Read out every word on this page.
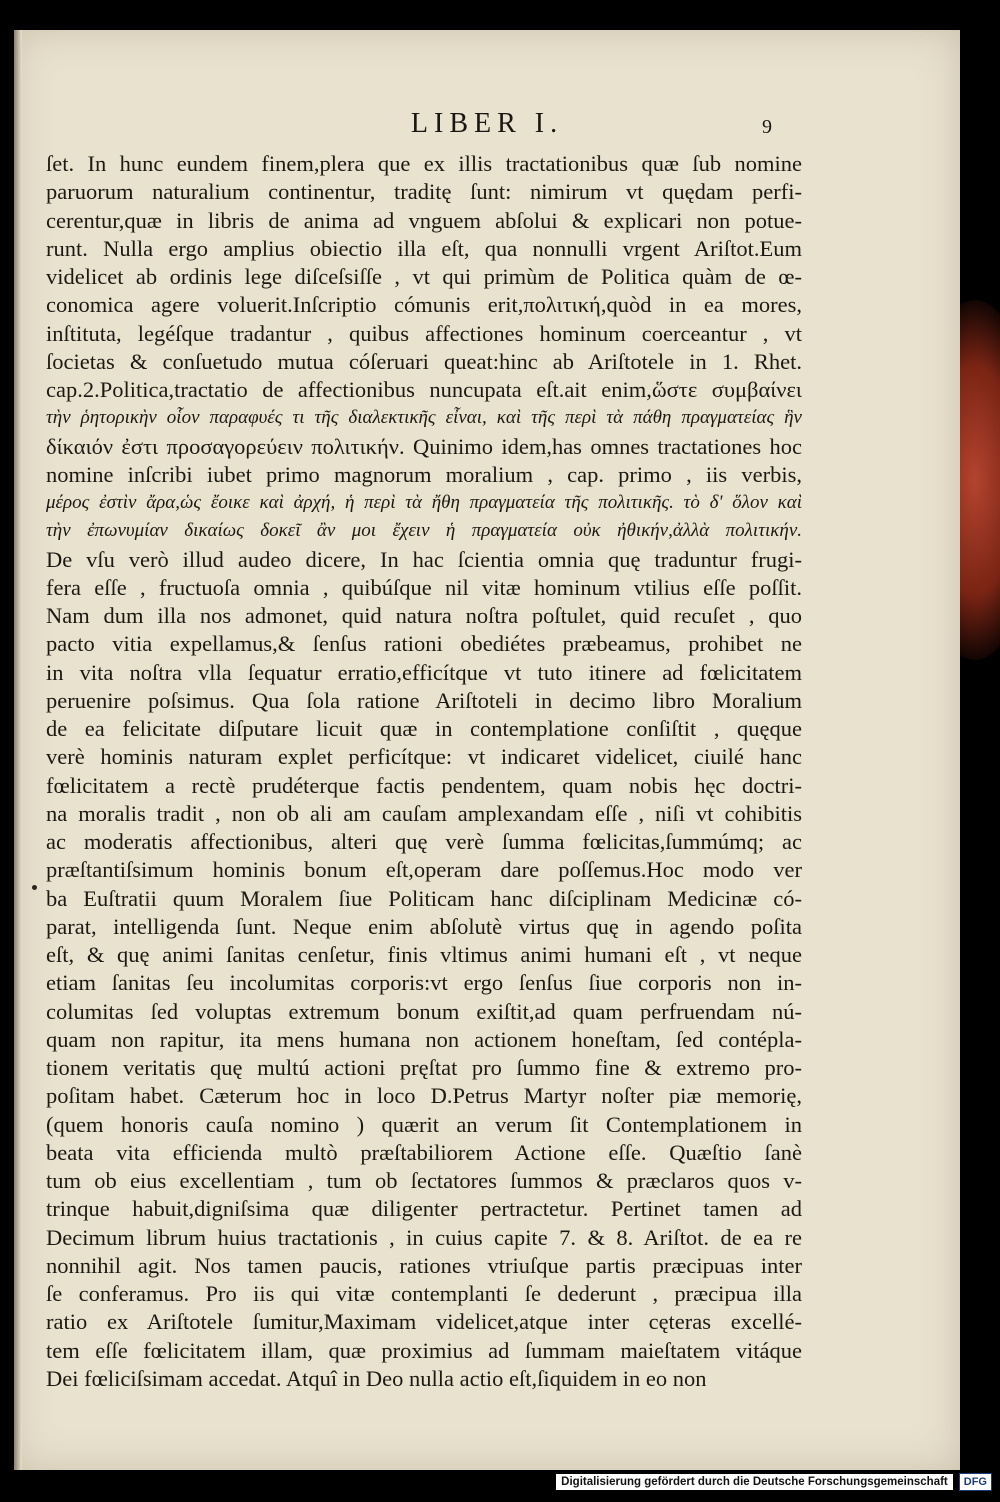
LIBER I.	9
ſet. In hunc eundem finem,plera que ex illis tractationibus quæ ſub nomine
paruorum naturalium continentur, traditę ſunt: nimirum vt quędam perfi-
cerentur,quæ in libris de anima ad vnguem abſolui & explicari non potue-
runt. Nulla ergo amplius obiectio illa eſt, qua nonnulli vrgent Ariſtot.Eum
videlicet ab ordinis lege diſceſsiſſe , vt qui primùm de Politica quàm de œ-
conomica agere voluerit.Inſcriptio cómunis erit,πολιτική,quòd in ea mores,
inſtituta, legéſque tradantur , quibus affectiones hominum coerceantur , vt
ſocietas & conſuetudo mutua cóſeruari queat:hinc ab Ariſtotele in 1. Rhet.
cap.2.Politica,tractatio de affectionibus nuncupata eſt.ait enim,ὥστε συμβαίνει
τὴν ῥητορικὴν οἷον παραφυές τι τῆς διαλεκτικῆς εἶναι, καὶ τῆς περὶ τὰ πάθη πραγματείας ἣν
δίκαιόν ἐστι προσαγορεύειν πολιτικήν. Quinimo idem,has omnes tractationes hoc
nomine inſcribi iubet primo magnorum moralium , cap. primo , iis verbis,
μέρος ἐστὶν ἄρα,ὡς ἔοικε καὶ ἀρχή, ἡ περὶ τὰ ἤθη πραγματεία τῆς πολιτικῆς. τὸ δ' ὅλον καὶ
τὴν ἐπωνυμίαν δικαίως δοκεῖ ἂν μοι ἔχειν ἡ πραγματεία οὐκ ἠθικήν,ἀλλὰ πολιτικήν.
De vſu verò illud audeo dicere, In hac ſcientia omnia quę traduntur frugi-
fera eſſe , fructuoſa omnia , quibúſque nil vitæ hominum vtilius eſſe poſſit.
Nam dum illa nos admonet, quid natura noſtra poſtulet, quid recuſet , quo
pacto vitia expellamus,& ſenſus rationi obediétes præbeamus, prohibet ne
in vita noſtra vlla ſequatur erratio,efficítque vt tuto itinere ad fœlicitatem
peruenire poſsimus. Qua ſola ratione Ariſtoteli in decimo libro Moralium
de ea felicitate diſputare licuit quæ in contemplatione conſiſtit , quęque
verè hominis naturam explet perficítque: vt indicaret videlicet, ciuilé hanc
fœlicitatem a rectè prudéterque factis pendentem, quam nobis hęc doctri-
na moralis tradit , non ob ali am cauſam amplexandam eſſe , niſi vt cohibitis
ac moderatis affectionibus, alteri quę verè ſumma fœlicitas,ſummúmq; ac
præſtantiſsimum hominis bonum eſt,operam dare poſſemus.Hoc modo ver
ba Euſtratii quum Moralem ſiue Politicam hanc diſciplinam Medicinæ có-
parat, intelligenda ſunt. Neque enim abſolutè virtus quę in agendo poſita
eſt, & quę animi ſanitas cenſetur, finis vltimus animi humani eſt , vt neque
etiam ſanitas ſeu incolumitas corporis:vt ergo ſenſus ſiue corporis non in-
columitas ſed voluptas extremum bonum exiſtit,ad quam perfruendam nú-
quam non rapitur, ita mens humana non actionem honeſtam, ſed contépla-
tionem veritatis quę multú actioni pręſtat pro ſummo fine & extremo pro-
poſitam habet. Cæterum hoc in loco D.Petrus Martyr noſter piæ memorię,
(quem honoris cauſa nomino ) quærit an verum ſit Contemplationem in
beata vita efficienda multò præſtabiliorem Actione eſſe. Quæſtio ſanè
tum ob eius excellentiam , tum ob ſectatores ſummos & præclaros quos v-
trinque habuit,digniſsima quæ diligenter pertractetur. Pertinet tamen ad
Decimum librum huius tractationis , in cuius capite 7. & 8. Ariſtot. de ea re
nonnihil agit. Nos tamen paucis, rationes vtriuſque partis præcipuas inter
ſe conferamus. Pro iis qui vitæ contemplanti ſe dederunt , præcipua illa
ratio ex Ariſtotele ſumitur,Maximam videlicet,atque inter cęteras excellé-
tem eſſe fœlicitatem illam, quæ proximius ad ſummam maieſtatem vitáque
Dei fœliciſsimam accedat. Atquî in Deo nulla actio eſt,ſiquidem in eo non
Digitalisierung gefördert durch die Deutsche Forschungsgemeinschaft	DFG
